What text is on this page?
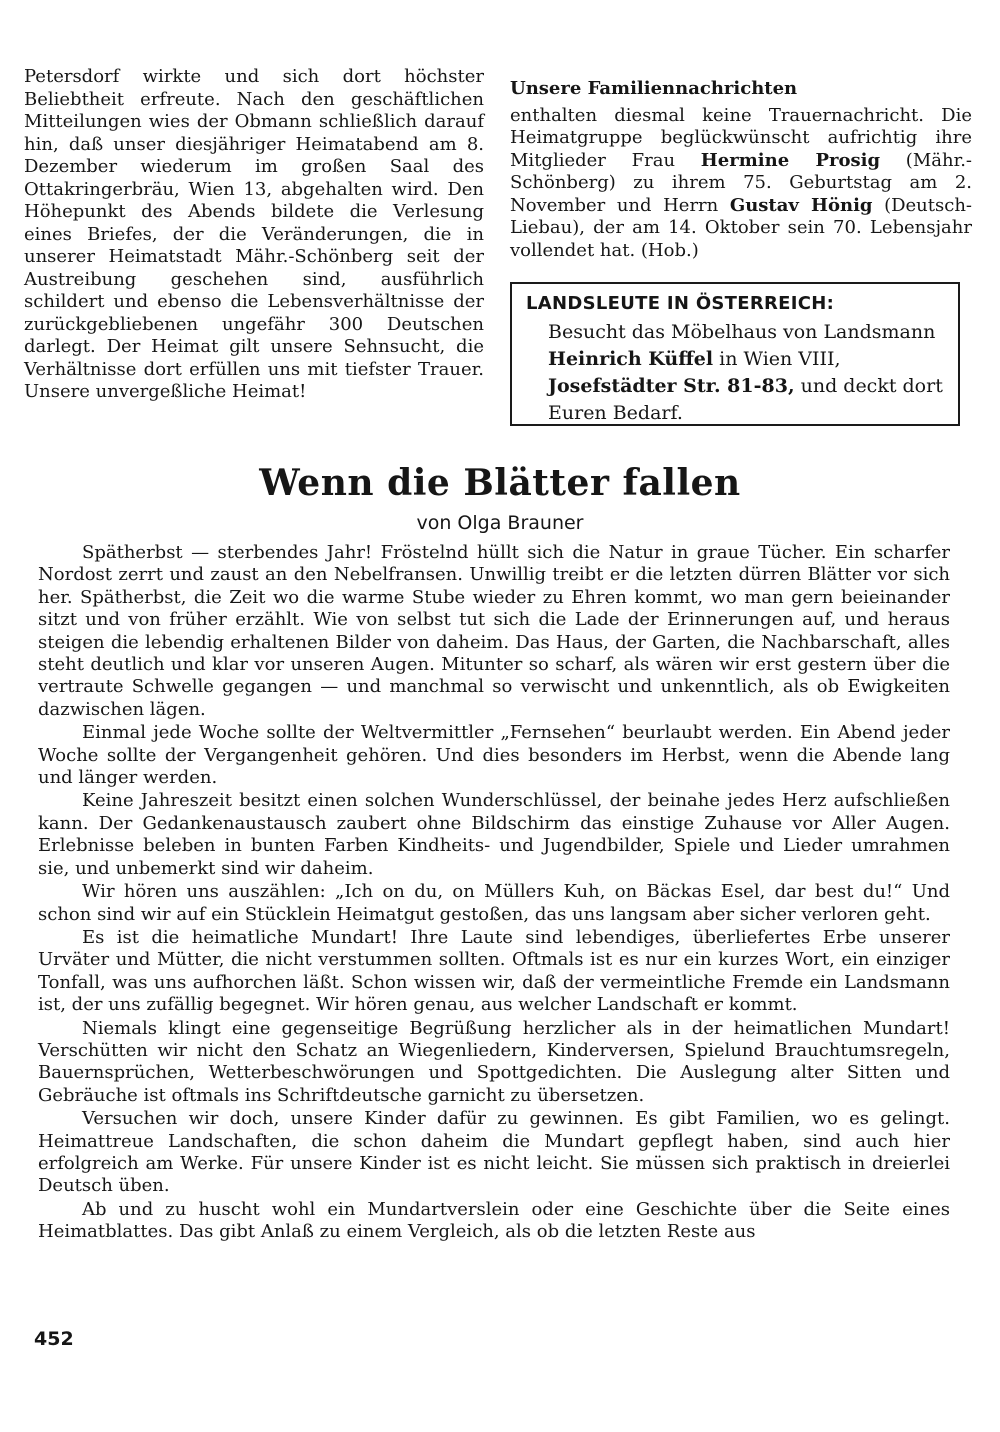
Petersdorf wirkte und sich dort höchster Beliebtheit erfreute. Nach den geschäftlichen Mitteilungen wies der Obmann schließlich darauf hin, daß unser diesjähriger Heimatabend am 8. Dezember wiederum im großen Saal des Ottakringerbräu, Wien 13, abgehalten wird. Den Höhepunkt des Abends bildete die Verlesung eines Briefes, der die Veränderungen, die in unserer Heimatstadt Mähr.-Schönberg seit der Austreibung geschehen sind, ausführlich schildert und ebenso die Lebensverhältnisse der zurückgebliebenen ungefähr 300 Deutschen darlegt. Der Heimat gilt unsere Sehnsucht, die Verhältnisse dort erfüllen uns mit tiefster Trauer. Unsere unvergeßliche Heimat!

Unsere Familiennachrichten

enthalten diesmal keine Trauernachricht. Die Heimatgruppe beglückwünscht aufrichtig ihre Mitglieder Frau Hermine Prosig (Mähr.-Schönberg) zu ihrem 75. Geburtstag am 2. November und Herrn Gustav Hönig (Deutsch-Liebau), der am 14. Oktober sein 70. Lebensjahr vollendet hat. (Hob.)

LANDSLEUTE IN ÖSTERREICH:
Besucht das Möbelhaus von Landsmann Heinrich Küffel in Wien VIII, Josefstädter Str. 81-83, und deckt dort Euren Bedarf.
Wenn die Blätter fallen
von Olga Brauner

Spätherbst — sterbendes Jahr! Fröstelnd hüllt sich die Natur in graue Tücher. Ein scharfer Nordost zerrt und zaust an den Nebelfransen. Unwillig treibt er die letzten dürren Blätter vor sich her. Spätherbst, die Zeit wo die warme Stube wieder zu Ehren kommt, wo man gern beieinander sitzt und von früher erzählt. Wie von selbst tut sich die Lade der Erinnerungen auf, und heraus steigen die lebendig erhaltenen Bilder von daheim. Das Haus, der Garten, die Nachbarschaft, alles steht deutlich und klar vor unseren Augen. Mitunter so scharf, als wären wir erst gestern über die vertraute Schwelle gegangen — und manchmal so verwischt und unkenntlich, als ob Ewigkeiten dazwischen lägen.

Einmal jede Woche sollte der Weltvermittler „Fernsehen“ beurlaubt werden. Ein Abend jeder Woche sollte der Vergangenheit gehören. Und dies besonders im Herbst, wenn die Abende lang und länger werden.

Keine Jahreszeit besitzt einen solchen Wunderschlüssel, der beinahe jedes Herz aufschließen kann. Der Gedankenaustausch zaubert ohne Bildschirm das einstige Zuhause vor Aller Augen. Erlebnisse beleben in bunten Farben Kindheits- und Jugendbilder, Spiele und Lieder umrahmen sie, und unbemerkt sind wir daheim.

Wir hören uns auszählen: „Ich on du, on Müllers Kuh, on Bäckas Esel, dar best du!“ Und schon sind wir auf ein Stücklein Heimatgut gestoßen, das uns langsam aber sicher verloren geht.

Es ist die heimatliche Mundart! Ihre Laute sind lebendiges, überliefertes Erbe unserer Urväter und Mütter, die nicht verstummen sollten. Oftmals ist es nur ein kurzes Wort, ein einziger Tonfall, was uns aufhorchen läßt. Schon wissen wir, daß der vermeintliche Fremde ein Landsmann ist, der uns zufällig begegnet. Wir hören genau, aus welcher Landschaft er kommt.

Niemals klingt eine gegenseitige Begrüßung herzlicher als in der heimatlichen Mundart! Verschütten wir nicht den Schatz an Wiegenliedern, Kinderversen, Spielund Brauchtumsregeln, Bauernsprüchen, Wetterbeschwörungen und Spottgedichten. Die Auslegung alter Sitten und Gebräuche ist oftmals ins Schriftdeutsche garnicht zu übersetzen.

Versuchen wir doch, unsere Kinder dafür zu gewinnen. Es gibt Familien, wo es gelingt. Heimattreue Landschaften, die schon daheim die Mundart gepflegt haben, sind auch hier erfolgreich am Werke. Für unsere Kinder ist es nicht leicht. Sie müssen sich praktisch in dreierlei Deutsch üben.

Ab und zu huscht wohl ein Mundartverslein oder eine Geschichte über die Seite eines Heimatblattes. Das gibt Anlaß zu einem Vergleich, als ob die letzten Reste aus

452
